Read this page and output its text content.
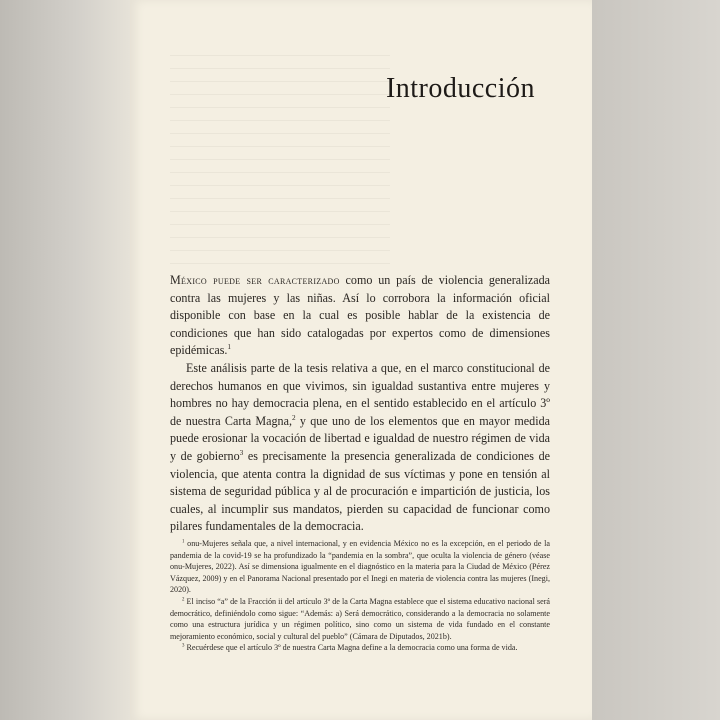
Introducción

México puede ser caracterizado como un país de violencia generalizada contra las mujeres y las niñas. Así lo corrobora la información oficial disponible con base en la cual es posible hablar de la existencia de condiciones que han sido catalogadas por expertos como de dimensiones epidémicas.$^1$

Este análisis parte de la tesis relativa a que, en el marco constitucional de derechos humanos en que vivimos, sin igualdad sustantiva entre mujeres y hombres no hay democracia plena, en el sentido establecido en el artículo 3º de nuestra Carta Magna,$^2$ y que uno de los elementos que en mayor medida puede erosionar la vocación de libertad e igualdad de nuestro régimen de vida y de gobierno$^3$ es precisamente la presencia generalizada de condiciones de violencia, que atenta contra la dignidad de sus víctimas y pone en tensión al sistema de seguridad pública y al de procuración e impartición de justicia, los cuales, al incumplir sus mandatos, pierden su capacidad de funcionar como pilares fundamentales de la democracia.

$^1$ onu-Mujeres señala que, a nivel internacional, y en evidencia México no es la excepción, en el periodo de la pandemia de la covid-19 se ha profundizado la “pandemia en la sombra”, que oculta la violencia de género (véase onu-Mujeres, 2022). Así se dimensiona igualmente en el diagnóstico en la materia para la Ciudad de México (Pérez Vázquez, 2009) y en el Panorama Nacional presentado por el Inegi en materia de violencia contra las mujeres (Inegi, 2020).

$^2$ El inciso “a” de la Fracción ii del artículo 3º de la Carta Magna establece que el sistema educativo nacional será democrático, definiéndolo como sigue: “Además: a) Será democrático, considerando a la democracia no solamente como una estructura jurídica y un régimen político, sino como un sistema de vida fundado en el constante mejoramiento económico, social y cultural del pueblo” (Cámara de Diputados, 2021b).

$^3$ Recuérdese que el artículo 3º de nuestra Carta Magna define a la democracia como una forma de vida.
